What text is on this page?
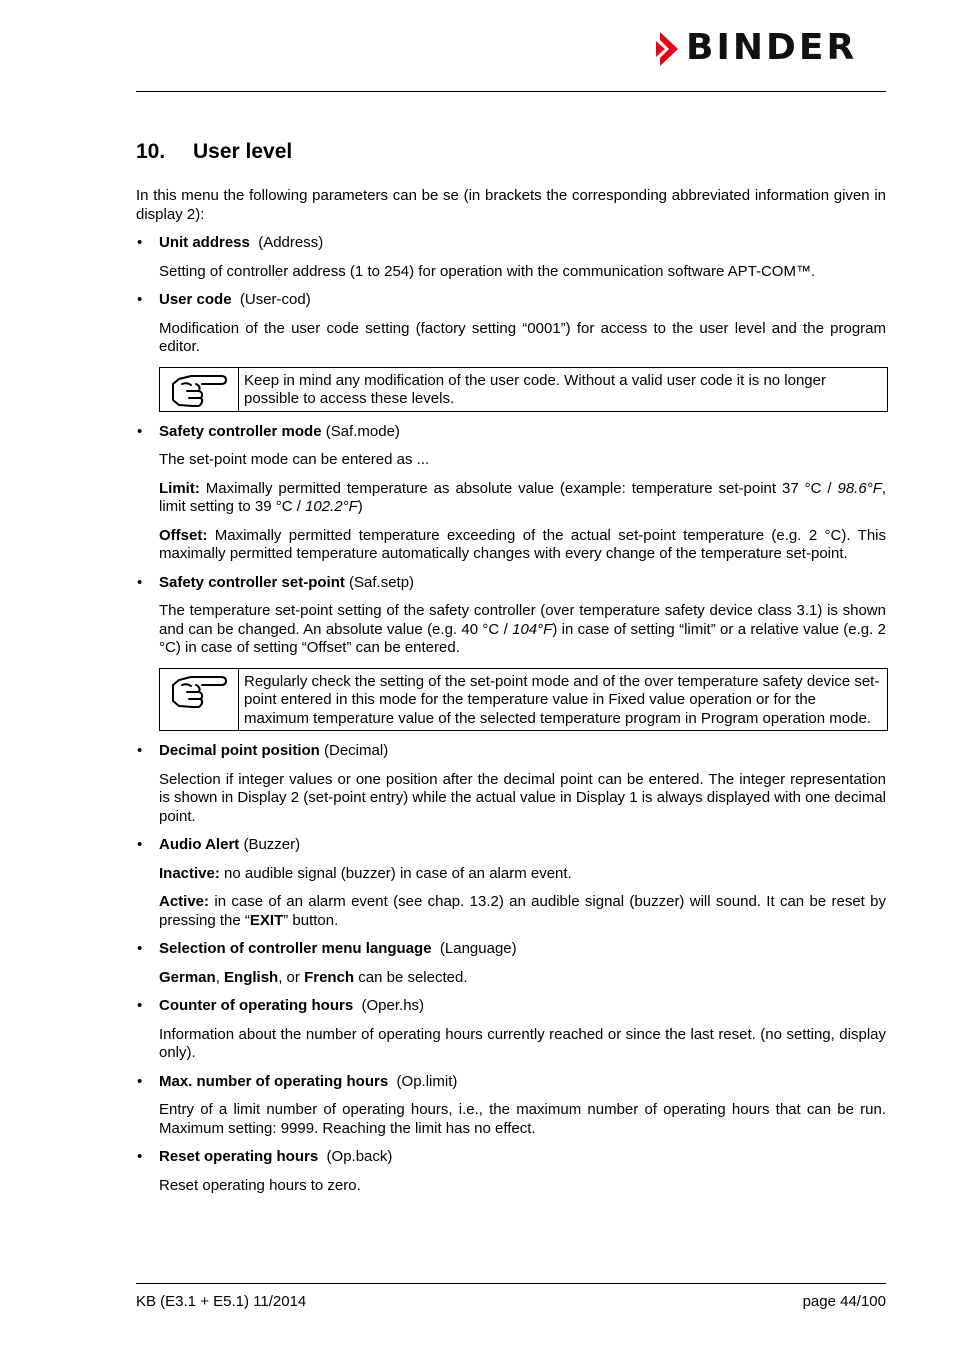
BINDER
10. User level

In this menu the following parameters can be se (in brackets the corresponding abbreviated information given in display 2):

• Unit address (Address)

Setting of controller address (1 to 254) for operation with the communication software APT-COM™.

• User code (User-cod)

Modification of the user code setting (factory setting “0001”) for access to the user level and the program editor.

Keep in mind any modification of the user code. Without a valid user code it is no longer possible to access these levels.
• Safety controller mode (Saf.mode)

The set-point mode can be entered as ...

Limit: Maximally permitted temperature as absolute value (example: temperature set-point 37 °C / 98.6°F, limit setting to 39 °C / 102.2°F)

Offset: Maximally permitted temperature exceeding of the actual set-point temperature (e.g. 2 °C). This maximally permitted temperature automatically changes with every change of the temperature set-point.

• Safety controller set-point (Saf.setp)

The temperature set-point setting of the safety controller (over temperature safety device class 3.1) is shown and can be changed. An absolute value (e.g. 40 °C / 104°F) in case of setting “limit” or a relative value (e.g. 2 °C) in case of setting “Offset” can be entered.

Regularly check the setting of the set-point mode and of the over temperature safety device set-point entered in this mode for the temperature value in Fixed value operation or for the maximum temperature value of the selected temperature program in Program operation mode.
• Decimal point position (Decimal)

Selection if integer values or one position after the decimal point can be entered. The integer representation is shown in Display 2 (set-point entry) while the actual value in Display 1 is always displayed with one decimal point.

• Audio Alert (Buzzer)

Inactive: no audible signal (buzzer) in case of an alarm event.

Active: in case of an alarm event (see chap. 13.2) an audible signal (buzzer) will sound. It can be reset by pressing the “EXIT” button.

• Selection of controller menu language (Language)

German, English, or French can be selected.

• Counter of operating hours (Oper.hs)

Information about the number of operating hours currently reached or since the last reset. (no setting, display only).

• Max. number of operating hours (Op.limit)

Entry of a limit number of operating hours, i.e., the maximum number of operating hours that can be run. Maximum setting: 9999. Reaching the limit has no effect.

• Reset operating hours (Op.back)

Reset operating hours to zero.

KB (E3.1 + E5.1) 11/2014	page 44/100
